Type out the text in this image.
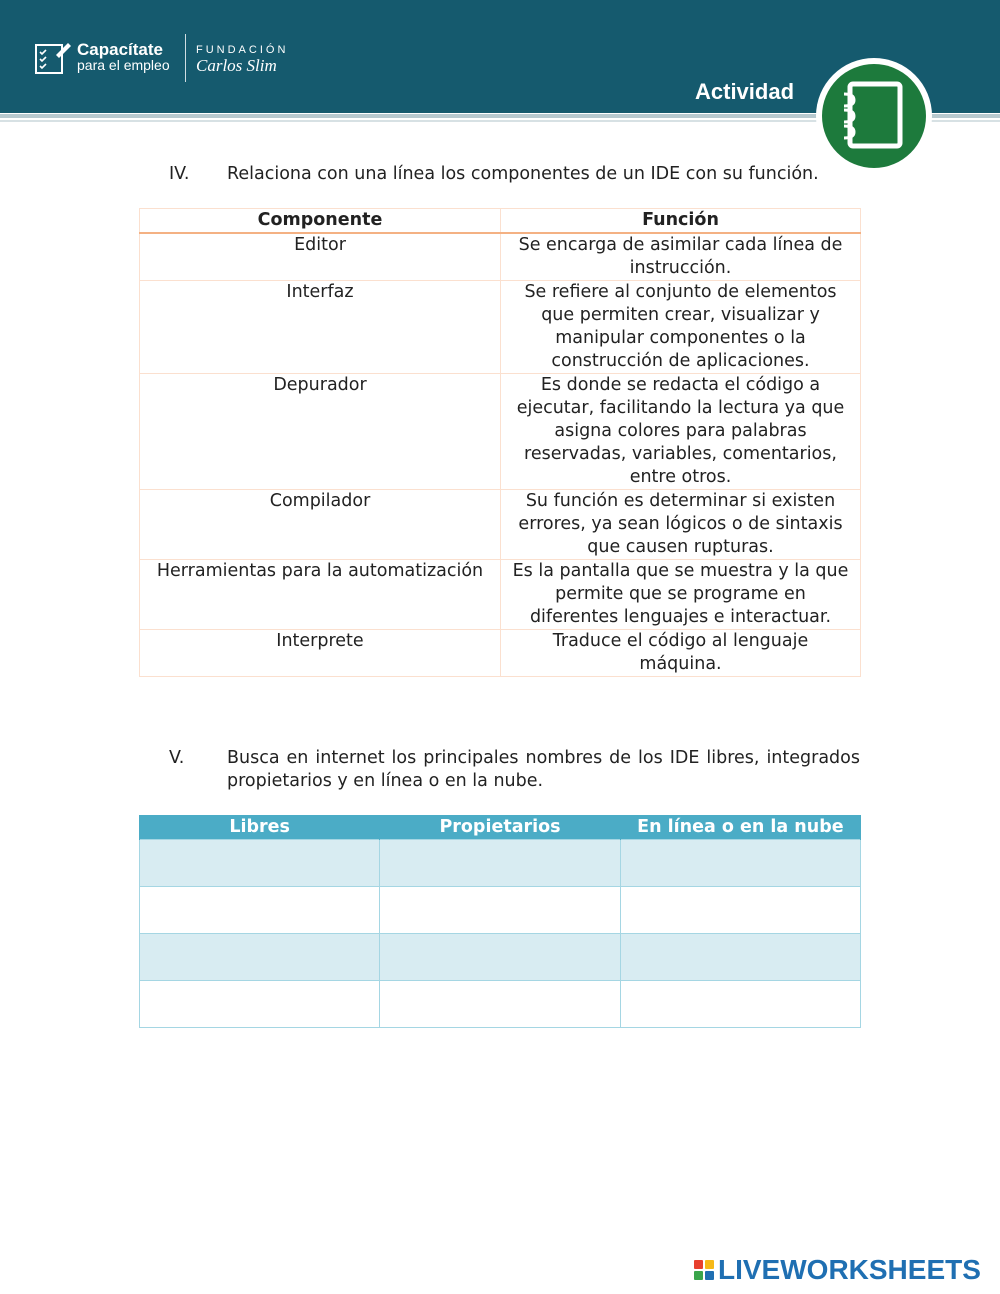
Capacítate
para el empleo
FUNDACIÓN
Carlos Slim
Actividad
IV. Relaciona con una línea los componentes de un IDE con su función.
Componente	Función
Editor	Se encarga de asimilar cada línea de instrucción.
Interfaz	Se refiere al conjunto de elementos que permiten crear, visualizar y manipular componentes o la construcción de aplicaciones.
Depurador	Es donde se redacta el código a ejecutar, facilitando la lectura ya que asigna colores para palabras reservadas, variables, comentarios, entre otros.
Compilador	Su función es determinar si existen errores, ya sean lógicos o de sintaxis que causen rupturas.
Herramientas para la automatización	Es la pantalla que se muestra y la que permite que se programe en diferentes lenguajes e interactuar.
Interprete	Traduce el código al lenguaje máquina.
V. Busca en internet los principales nombres de los IDE libres, integrados propietarios y en línea o en la nube.
Libres	Propietarios	En línea o en la nube

LIVEWORKSHEETS
